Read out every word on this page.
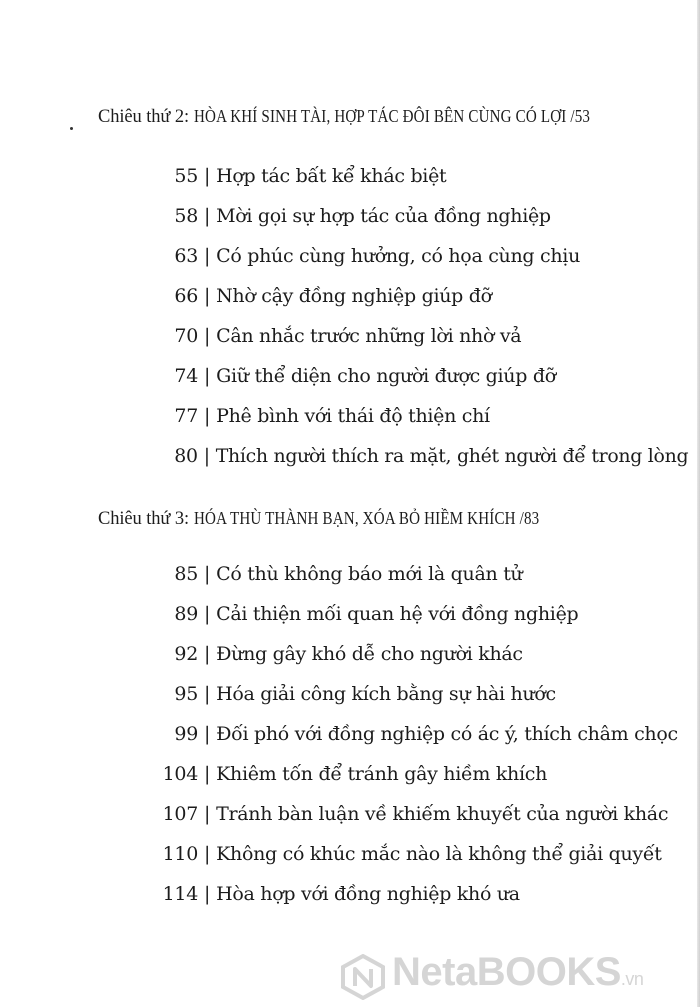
Chiêu thứ 2: HÒA KHÍ SINH TÀI, HỢP TÁC ĐÔI BÊN CÙNG CÓ LỢI /53
55 | Hợp tác bất kể khác biệt
58 | Mời gọi sự hợp tác của đồng nghiệp
63 | Có phúc cùng hưởng, có họa cùng chịu
66 | Nhờ cậy đồng nghiệp giúp đỡ
70 | Cân nhắc trước những lời nhờ vả
74 | Giữ thể diện cho người được giúp đỡ
77 | Phê bình với thái độ thiện chí
80 | Thích người thích ra mặt, ghét người để trong lòng
Chiêu thứ 3: HÓA THÙ THÀNH BẠN, XÓA BỎ HIỀM KHÍCH /83
85 | Có thù không báo mới là quân tử
89 | Cải thiện mối quan hệ với đồng nghiệp
92 | Đừng gây khó dễ cho người khác
95 | Hóa giải công kích bằng sự hài hước
99 | Đối phó với đồng nghiệp có ác ý, thích châm chọc
104 | Khiêm tốn để tránh gây hiềm khích
107 | Tránh bàn luận về khiếm khuyết của người khác
110 | Không có khúc mắc nào là không thể giải quyết
114 | Hòa hợp với đồng nghiệp khó ưa
NetaBOOKS.vn
